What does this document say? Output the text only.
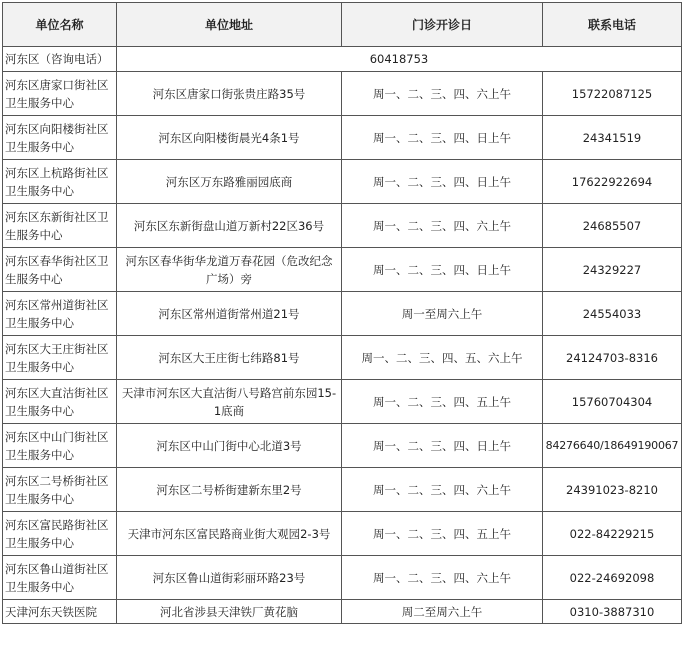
单位名称	单位地址	门诊开诊日	联系电话
河东区（咨询电话）	60418753		
河东区唐家口街社区卫生服务中心	河东区唐家口街张贵庄路35号	周一、二、三、四、六上午	15722087125
河东区向阳楼街社区卫生服务中心	河东区向阳楼街晨光4条1号	周一、二、三、四、日上午	24341519
河东区上杭路街社区卫生服务中心	河东区万东路雅丽园底商	周一、二、三、四、日上午	17622922694
河东区东新街社区卫生服务中心	河东区东新街盘山道万新村22区36号	周一、二、三、四、六上午	24685507
河东区春华街社区卫生服务中心	河东区春华街华龙道万春花园（危改纪念广场）旁	周一、二、三、四、日上午	24329227
河东区常州道街社区卫生服务中心	河东区常州道街常州道21号	周一至周六上午	24554033
河东区大王庄街社区卫生服务中心	河东区大王庄街七纬路81号	周一、二、三、四、五、六上午	24124703-8316
河东区大直沽街社区卫生服务中心	天津市河东区大直沽街八号路宫前东园15-1底商	周一、二、三、四、五上午	15760704304
河东区中山门街社区卫生服务中心	河东区中山门街中心北道3号	周一、二、三、四、日上午	84276640/18649190067
河东区二号桥街社区卫生服务中心	河东区二号桥街建新东里2号	周一、二、三、四、六上午	24391023-8210
河东区富民路街社区卫生服务中心	天津市河东区富民路商业街大观园2-3号	周一、二、三、四、五上午	022-84229215
河东区鲁山道街社区卫生服务中心	河东区鲁山道街彩丽环路23号	周一、二、三、四、六上午	022-24692098
天津河东天铁医院	河北省涉县天津铁厂黄花脑	周二至周六上午	0310-3887310
